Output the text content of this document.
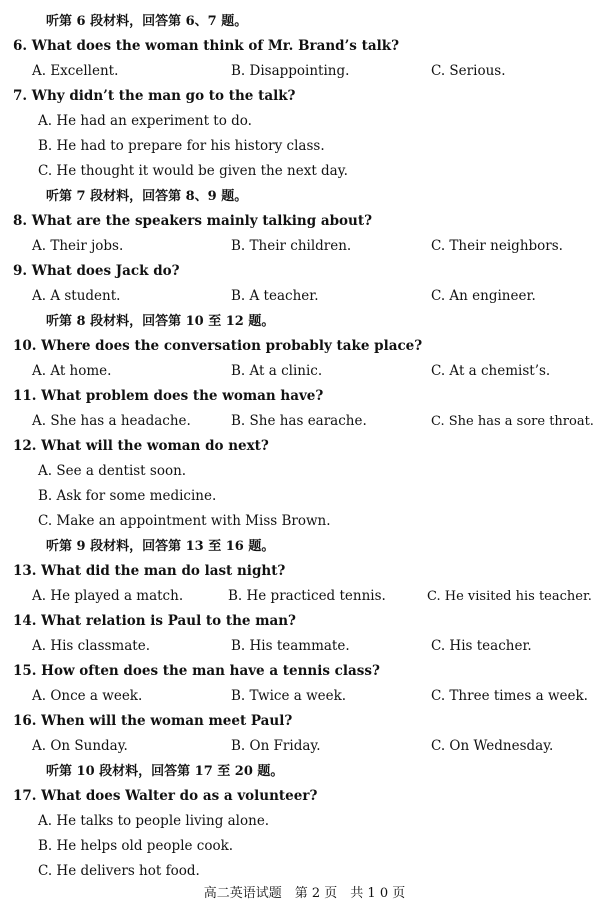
听第 6 段材料，回答第 6、7 题。
6. What does the woman think of Mr. Brand’s talk?
A. Excellent.	B. Disappointing.	C. Serious.
7. Why didn’t the man go to the talk?
A. He had an experiment to do.
B. He had to prepare for his history class.
C. He thought it would be given the next day.
听第 7 段材料，回答第 8、9 题。
8. What are the speakers mainly talking about?
A. Their jobs.	B. Their children.	C. Their neighbors.
9. What does Jack do?
A. A student.	B. A teacher.	C. An engineer.
听第 8 段材料，回答第 10 至 12 题。
10. Where does the conversation probably take place?
A. At home.	B. At a clinic.	C. At a chemist’s.
11. What problem does the woman have?
A. She has a headache.	B. She has earache.	C. She has a sore throat.
12. What will the woman do next?
A. See a dentist soon.
B. Ask for some medicine.
C. Make an appointment with Miss Brown.
听第 9 段材料，回答第 13 至 16 题。
13. What did the man do last night?
A. He played a match.	B. He practiced tennis.	C. He visited his teacher.
14. What relation is Paul to the man?
A. His classmate.	B. His teammate.	C. His teacher.
15. How often does the man have a tennis class?
A. Once a week.	B. Twice a week.	C. Three times a week.
16. When will the woman meet Paul?
A. On Sunday.	B. On Friday.	C. On Wednesday.
听第 10 段材料，回答第 17 至 20 题。
17. What does Walter do as a volunteer?
A. He talks to people living alone.
B. He helps old people cook.
C. He delivers hot food.
高二英语试题　第 2 页　共 1 0 页
